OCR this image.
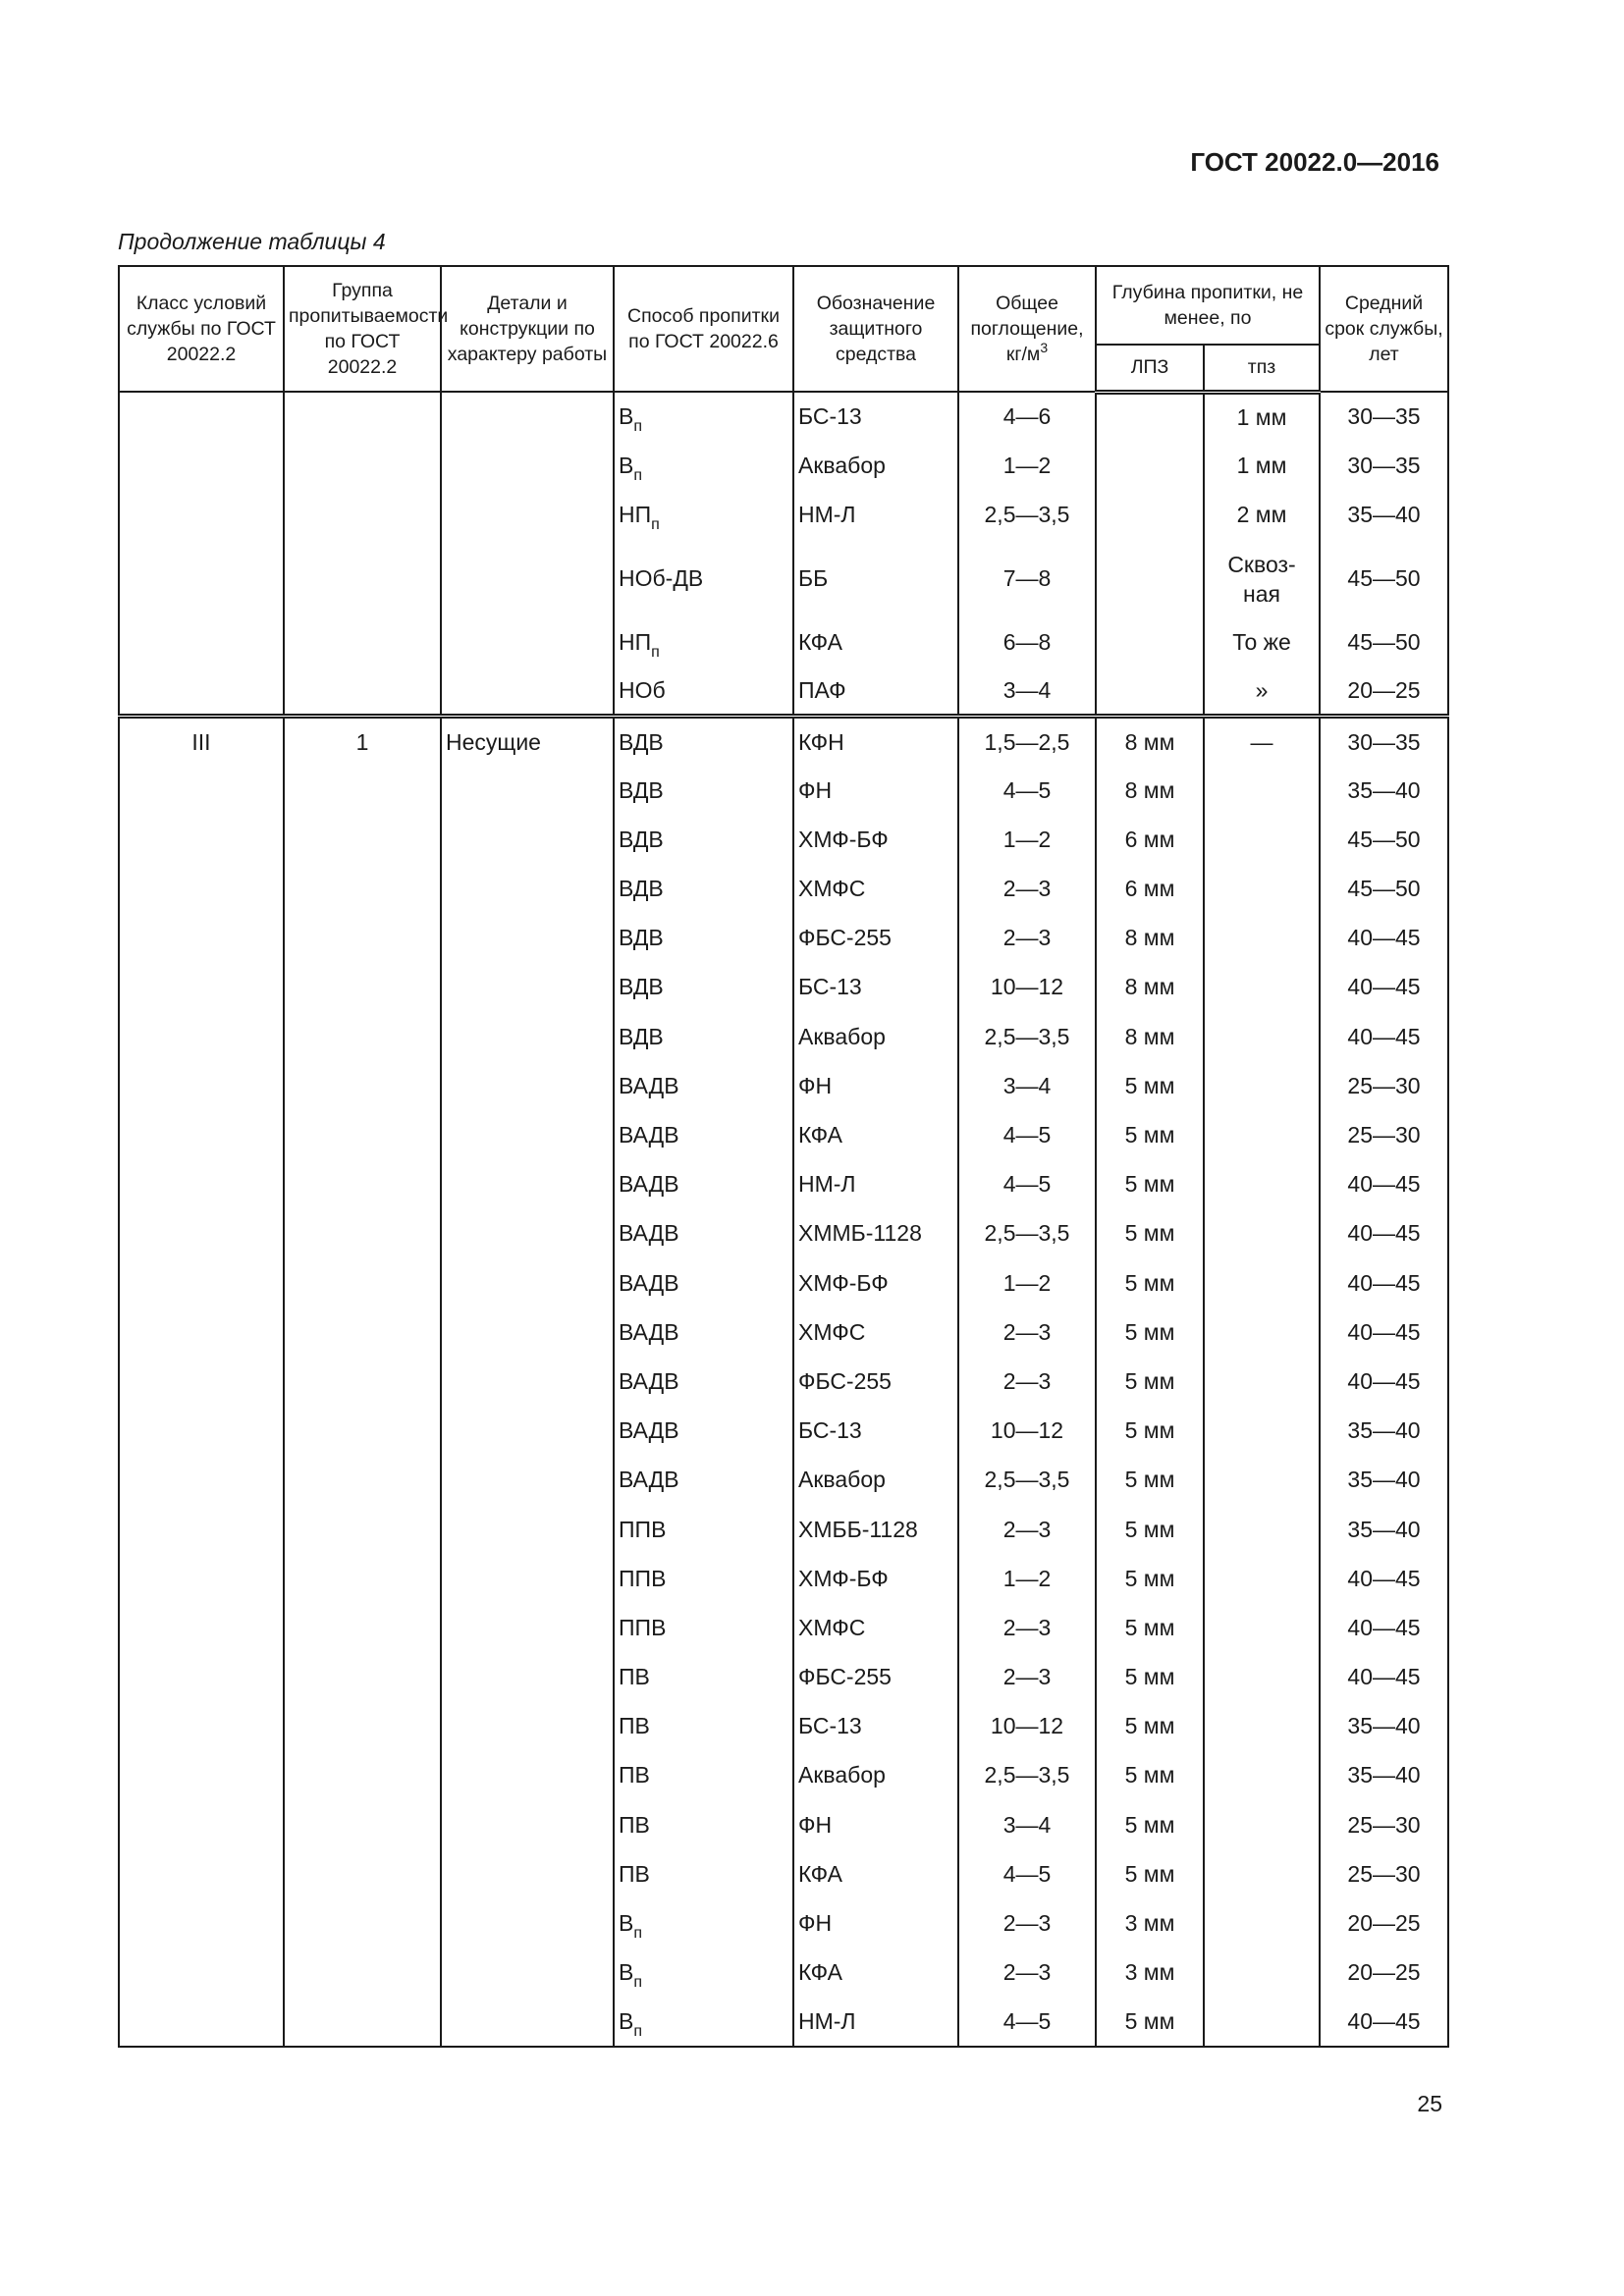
ГОСТ 20022.0—2016
Продолжение таблицы 4
Класс условий службы по ГОСТ 20022.2	Группа пропитываемости по ГОСТ 20022.2	Детали и конструкции по характеру работы	Способ пропитки по ГОСТ 20022.6	Обозначение защитного средства	Общее поглощение, $кг/м^3$	Глубина пропитки, не менее, по		Средний срок службы, лет
						ЛПЗ	тпз	
			$В_п$	БС-13	4—6		1 мм	30—35
			$В_п$	Аквабор	1—2		1 мм	30—35
			$НП_п$	НМ-Л	2,5—3,5		2 мм	35—40
			НОб-ДВ	ББ	7—8		Сквоз-ная	45—50
			$НП_п$	КФА	6—8		То же	45—50
			НОб	ПАФ	3—4		»	20—25
III	1	Несущие	ВДВ	КФН	1,5—2,5	8 мм	—	30—35
			ВДВ	ФН	4—5	8 мм		35—40
			ВДВ	ХМФ-БФ	1—2	6 мм		45—50
			ВДВ	ХМФС	2—3	6 мм		45—50
			ВДВ	ФБС-255	2—3	8 мм		40—45
			ВДВ	БС-13	10—12	8 мм		40—45
			ВДВ	Аквабор	2,5—3,5	8 мм		40—45
			ВАДВ	ФН	3—4	5 мм		25—30
			ВАДВ	КФА	4—5	5 мм		25—30
			ВАДВ	НМ-Л	4—5	5 мм		40—45
			ВАДВ	ХММБ-1128	2,5—3,5	5 мм		40—45
			ВАДВ	ХМФ-БФ	1—2	5 мм		40—45
			ВАДВ	ХМФС	2—3	5 мм		40—45
			ВАДВ	ФБС-255	2—3	5 мм		40—45
			ВАДВ	БС-13	10—12	5 мм		35—40
			ВАДВ	Аквабор	2,5—3,5	5 мм		35—40
			ППВ	ХМББ-1128	2—3	5 мм		35—40
			ППВ	ХМФ-БФ	1—2	5 мм		40—45
			ППВ	ХМФС	2—3	5 мм		40—45
			ПВ	ФБС-255	2—3	5 мм		40—45
			ПВ	БС-13	10—12	5 мм		35—40
			ПВ	Аквабор	2,5—3,5	5 мм		35—40
			ПВ	ФН	3—4	5 мм		25—30
			ПВ	КФА	4—5	5 мм		25—30
			$В_п$	ФН	2—3	3 мм		20—25
			$В_п$	КФА	2—3	3 мм		20—25
			$В_п$	НМ-Л	4—5	5 мм		40—45
25
